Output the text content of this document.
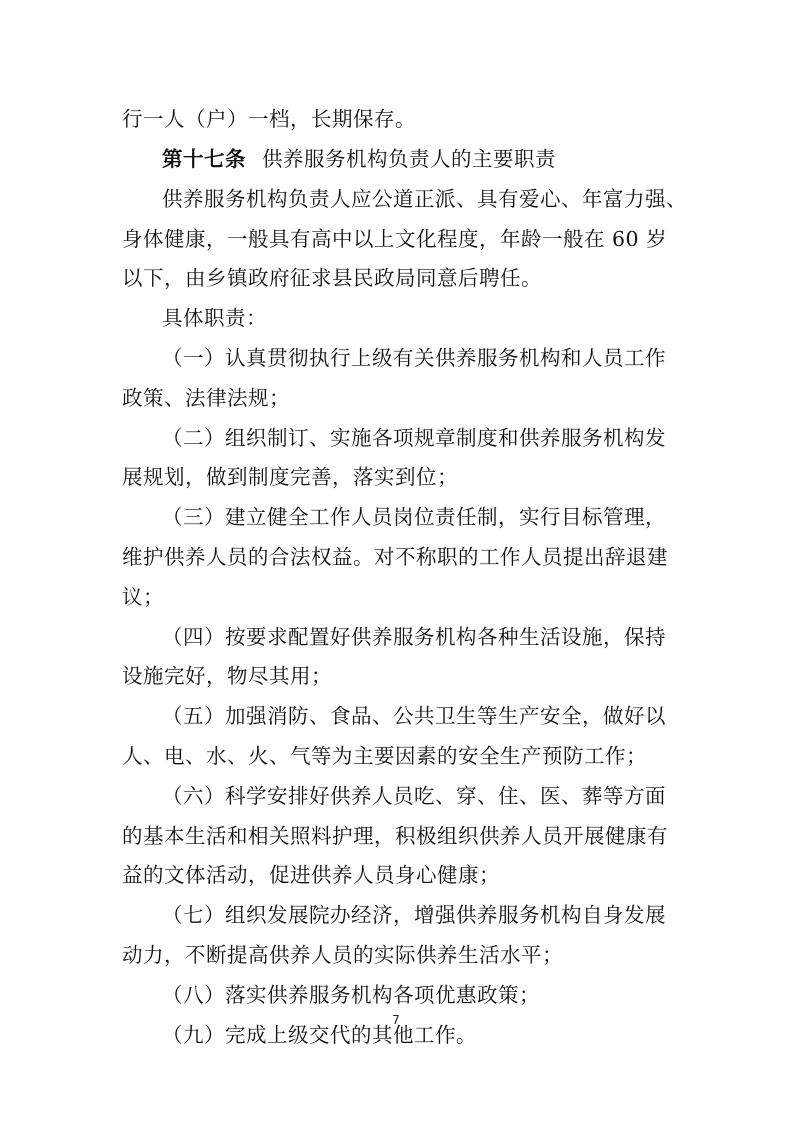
行一人（户）一档，长期保存。
第十七条 供养服务机构负责人的主要职责
供养服务机构负责人应公道正派、具有爱心、年富力强、
身体健康，一般具有高中以上文化程度，年龄一般在 60 岁
以下，由乡镇政府征求县民政局同意后聘任。
具体职责：
（一）认真贯彻执行上级有关供养服务机构和人员工作
政策、法律法规；
（二）组织制订、实施各项规章制度和供养服务机构发
展规划，做到制度完善，落实到位；
（三）建立健全工作人员岗位责任制，实行目标管理，
维护供养人员的合法权益。对不称职的工作人员提出辞退建
议；
（四）按要求配置好供养服务机构各种生活设施，保持
设施完好，物尽其用；
（五）加强消防、食品、公共卫生等生产安全，做好以
人、电、水、火、气等为主要因素的安全生产预防工作；
（六）科学安排好供养人员吃、穿、住、医、葬等方面
的基本生活和相关照料护理，积极组织供养人员开展健康有
益的文体活动，促进供养人员身心健康；
（七）组织发展院办经济，增强供养服务机构自身发展
动力，不断提高供养人员的实际供养生活水平；
（八）落实供养服务机构各项优惠政策；
（九）完成上级交代的其他工作。
7
